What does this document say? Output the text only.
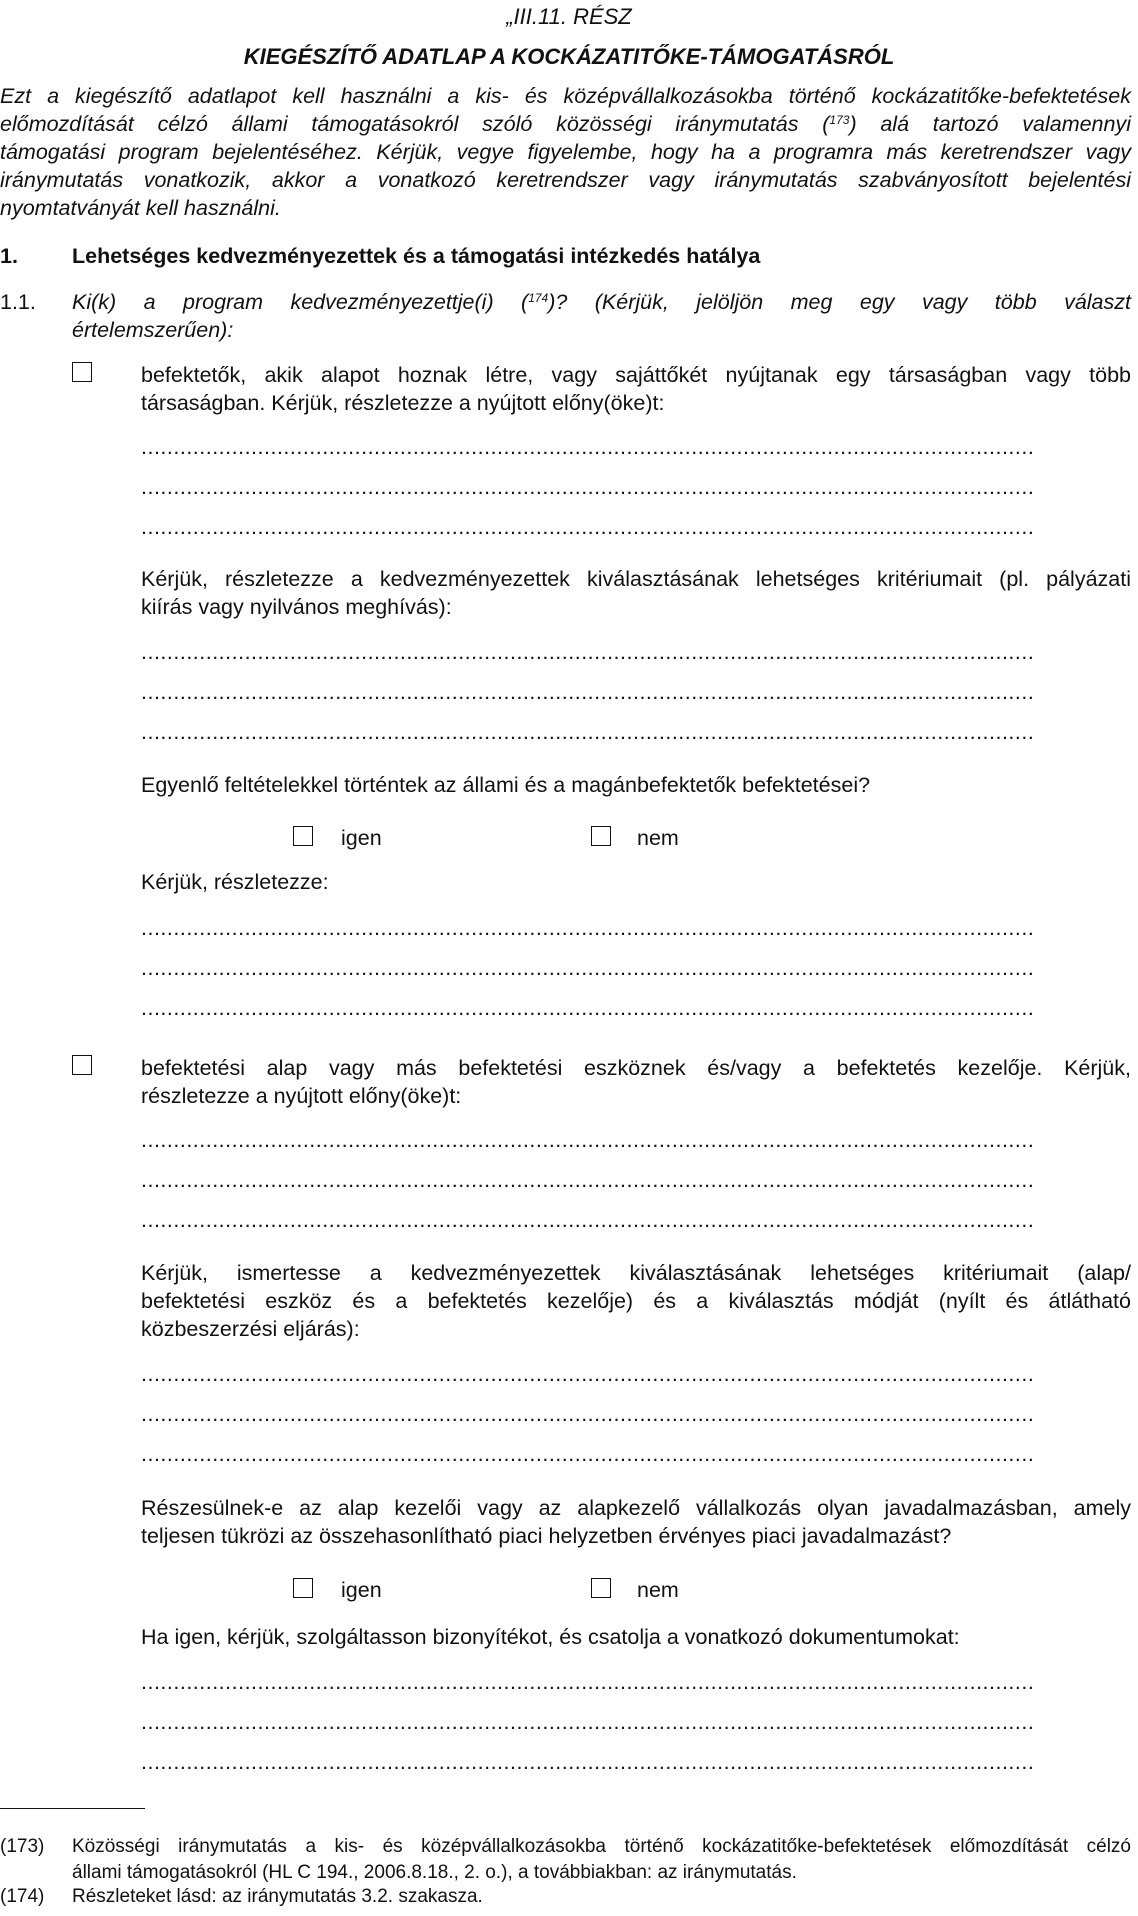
„III.11. RÉSZ
KIEGÉSZÍTŐ ADATLAP A KOCKÁZATITŐKE-TÁMOGATÁSRÓL
Ezt a kiegészítő adatlapot kell használni a kis- és középvállalkozásokba történő kockázatitőke-befektetések
előmozdítását célzó állami támogatásokról szóló közösségi iránymutatás ($^{173}$) alá tartozó valamennyi
támogatási program bejelentéséhez. Kérjük, vegye figyelembe, hogy ha a programra más keretrendszer vagy
iránymutatás vonatkozik, akkor a vonatkozó keretrendszer vagy iránymutatás szabványosított bejelentési
nyomtatványát kell használni.
1.	Lehetséges kedvezményezettek és a támogatási intézkedés hatálya
1.1. Ki(k) a program kedvezményezettje(i) ($^{174}$)? (Kérjük, jelöljön meg egy vagy több választ
értelemszerűen):
befektetők, akik alapot hoznak létre, vagy sajáttőkét nyújtanak egy társaságban vagy több
társaságban. Kérjük, részletezze a nyújtott előny(öke)t:
..........................................................................................................................................
..........................................................................................................................................
..........................................................................................................................................
Kérjük, részletezze a kedvezményezettek kiválasztásának lehetséges kritériumait (pl. pályázati
kiírás vagy nyilvános meghívás):
..........................................................................................................................................
..........................................................................................................................................
..........................................................................................................................................
Egyenlő feltételekkel történtek az állami és a magánbefektetők befektetései?
igen	nem
Kérjük, részletezze:
..........................................................................................................................................
..........................................................................................................................................
..........................................................................................................................................
befektetési alap vagy más befektetési eszköznek és/vagy a befektetés kezelője. Kérjük,
részletezze a nyújtott előny(öke)t:
..........................................................................................................................................
..........................................................................................................................................
..........................................................................................................................................
Kérjük, ismertesse a kedvezményezettek kiválasztásának lehetséges kritériumait (alap/
befektetési eszköz és a befektetés kezelője) és a kiválasztás módját (nyílt és átlátható
közbeszerzési eljárás):
..........................................................................................................................................
..........................................................................................................................................
..........................................................................................................................................
Részesülnek-e az alap kezelői vagy az alapkezelő vállalkozás olyan javadalmazásban, amely
teljesen tükrözi az összehasonlítható piaci helyzetben érvényes piaci javadalmazást?
igen	nem
Ha igen, kérjük, szolgáltasson bizonyítékot, és csatolja a vonatkozó dokumentumokat:
..........................................................................................................................................
..........................................................................................................................................
..........................................................................................................................................
(173) Közösségi iránymutatás a kis- és középvállalkozásokba történő kockázatitőke-befektetések előmozdítását célzó
állami támogatásokról (HL C 194., 2006.8.18., 2. o.), a továbbiakban: az iránymutatás.
(174) Részleteket lásd: az iránymutatás 3.2. szakasza.
